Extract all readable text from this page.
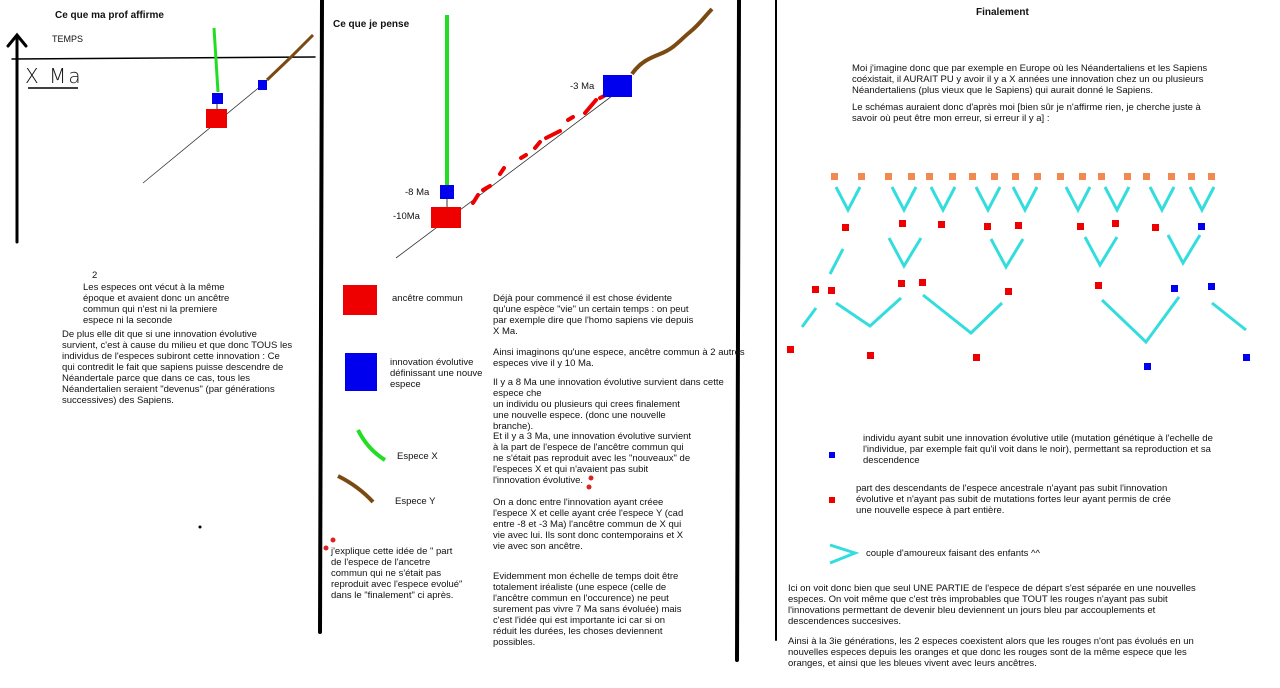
Ce que ma prof affirme
TEMPS
X Ma
2
Les especes ont vécut à la même
époque et avaient donc un ancêtre
commun qui n'est ni la premiere
espece ni la seconde
De plus elle dit que si une innovation évolutive
survient, c'est à cause du milieu et que donc TOUS les
individus de l'especes subiront cette innovation : Ce
qui contredit le fait que sapiens puisse descendre de
Néandertale parce que dans ce cas, tous les
Néandertalien seraient "devenus" (par générations
successives) des Sapiens.
Ce que je pense
-3 Ma
-8 Ma
-10Ma
ancêtre commun
innovation évolutive
définissant une nouve
espece
Espece X
Espece Y
j'explique cette idée de " part
de l'espece de l'ancetre
commun qui ne s'était pas
reproduit avec l'espece evolué"
dans le "finalement" ci après.
Déjà pour commencé il est chose évidente
qu'une espèce "vie" un certain temps : on peut
par exemple dire que l'homo sapiens vie depuis
X Ma.
Ainsi imaginons qu'une espece, ancêtre commun à 2 autres
especes vive il y 10 Ma.
Il y a 8 Ma une innovation évolutive survient dans cette espece che
un individu ou plusieurs qui crees finalement
une nouvelle espece. (donc une nouvelle
branche).
Et il y a 3 Ma, une innovation évolutive survient
à la part de l'espece de l'ancêtre commun qui
ne s'était pas reproduit avec les "nouveaux" de
l'especes X et qui n'avaient pas subit
l'innovation évolutive.
On a donc entre l'innovation ayant créee
l'espece X et celle ayant crée l'espece Y (cad
entre -8 et -3 Ma) l'ancêtre commun de X qui
vie avec lui. Ils sont donc contemporains et X
vie avec son ancêtre.
Evidemment mon échelle de temps doit être
totalement iréaliste (une espece (celle de
l'ancêtre commun en l'occurence) ne peut
surement pas vivre 7 Ma sans évoluée) mais
c'est l'idée qui est importante ici car si on
réduit les durées, les choses deviennent
possibles.
Finalement
Moi j'imagine donc que par exemple en Europe où les Néandertaliens et les Sapiens
coéxistait, il AURAIT PU y avoir il y a X années une innovation chez un ou plusieurs
Néandertaliens (plus vieux que le Sapiens) qui aurait donné le Sapiens.
Le schémas auraient donc d'après moi [bien sûr je n'affirme rien, je cherche juste à
savoir où peut être mon erreur, si erreur il y a] :
individu ayant subit une innovation évolutive utile (mutation génétique à l'echelle de
l'individue, par exemple fait qu'il voit dans le noir), permettant sa reproduction et sa
descendence
part des descendants de l'espece ancestrale n'ayant pas subit l'innovation
évolutive et n'ayant pas subit de mutations fortes leur ayant permis de crée
une nouvelle espece à part entière.
couple d'amoureux faisant des enfants ^^
Ici on voit donc bien que seul UNE PARTIE de l'espece de départ s'est séparée en une nouvelles
especes. On voit même que c'est très improbables que TOUT les rouges n'ayant pas subit
l'innovations permettant de devenir bleu deviennent un jours bleu par accouplements et
descendences succesives.
Ainsi à la 3ie générations, les 2 especes coexistent alors que les rouges n'ont pas évolués en un
nouvelles especes depuis les oranges et que donc les rouges sont de la même espece que les
oranges, et ainsi que les bleues vivent avec leurs ancêtres.
